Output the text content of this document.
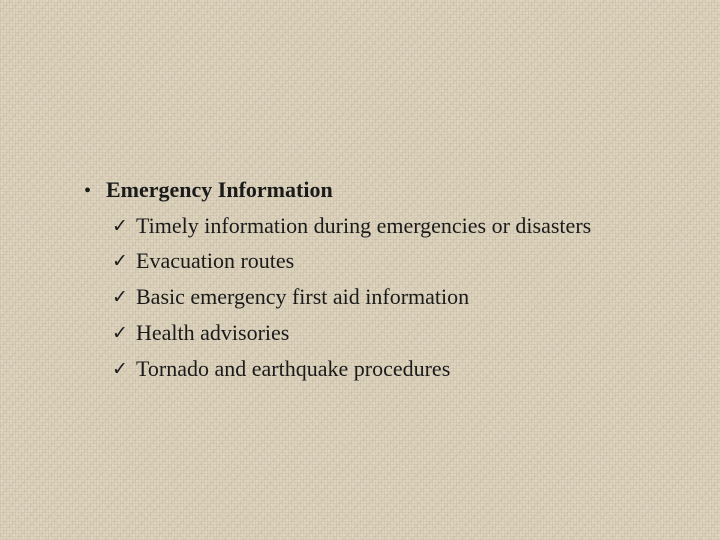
• Emergency Information
✓ Timely information during emergencies or disasters
✓ Evacuation routes
✓ Basic emergency first aid information
✓ Health advisories
✓ Tornado and earthquake procedures
